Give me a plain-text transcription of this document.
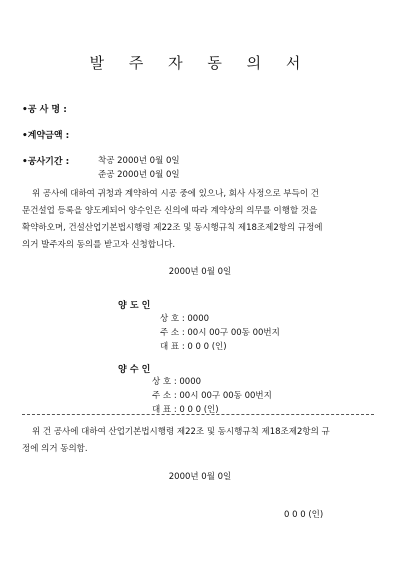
발 주 자 동 의 서
•공 사 명 :
•계약금액 :
•공사기간 :	착공 2000년 0월 0일
준공 2000년 0월 0일
위 공사에 대하여 귀청과 계약하여 시공 중에 있으나, 회사 사정으로 부득이 건
문건설업 등록을 양도케되어 양수인은 신의에 따라 계약상의 의무를 이행할 것을
확약하오며, 건설산업기본법시행령 제22조 및 동시행규칙 제18조제2항의 규정에
의거 발주자의 동의를 받고자 신청합니다.
2000년 0월 0일
양 도 인
상 호 : 0000
주 소 : 00시 00구 00동 00번지
대 표 : 0 0 0 (인)
양 수 인
상 호 : 0000
주 소 : 00시 00구 00동 00번지
대 표 : 0 0 0 (인)
위 건 공사에 대하여 산업기본법시행령 제22조 및 동시행규칙 제18조제2항의 규
정에 의거 동의함.
2000년 0월 0일
0 0 0 (인)
